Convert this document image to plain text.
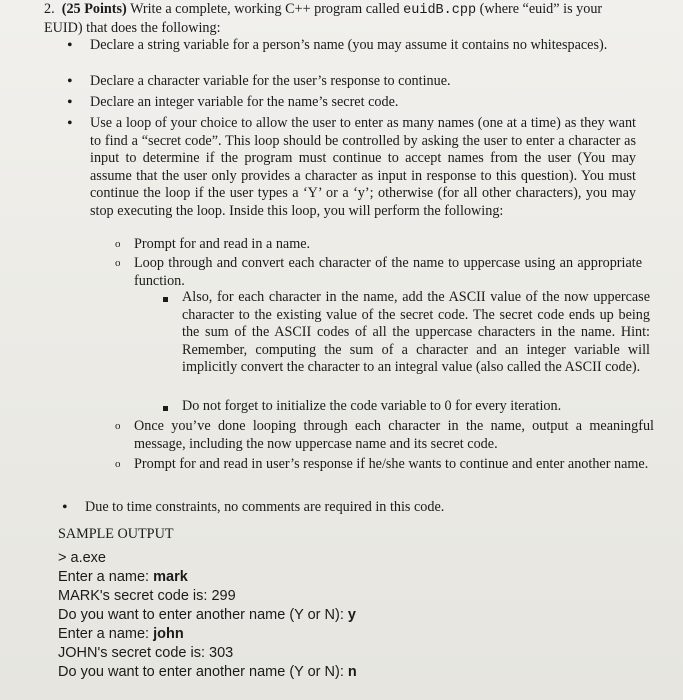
2. (25 Points) Write a complete, working C++ program called euidB.cpp (where “euid” is your EUID) that does the following:
• Declare a string variable for a person’s name (you may assume it contains no whitespaces).

• Declare a character variable for the user’s response to continue.

• Declare an integer variable for the name’s secret code.

• Use a loop of your choice to allow the user to enter as many names (one at a time) as they want to find a “secret code”. This loop should be controlled by asking the user to enter a character as input to determine if the program must continue to accept names from the user (You may assume that the user only provides a character as input in response to this question). You must continue the loop if the user types a ‘Y’ or a ‘y’; otherwise (for all other characters), you may stop executing the loop. Inside this loop, you will perform the following:

o Prompt for and read in a name.

o Loop through and convert each character of the name to uppercase using an appropriate function.

Also, for each character in the name, add the ASCII value of the now uppercase character to the existing value of the secret code. The secret code ends up being the sum of the ASCII codes of all the uppercase characters in the name. Hint: Remember, computing the sum of a character and an integer variable will implicitly convert the character to an integral value (also called the ASCII code).

Do not forget to initialize the code variable to 0 for every iteration.

o Once you’ve done looping through each character in the name, output a meaningful message, including the now uppercase name and its secret code.

o Prompt for and read in user’s response if he/she wants to continue and enter another name.

• Due to time constraints, no comments are required in this code.

SAMPLE OUTPUT

> a.exe
Enter a name: mark
MARK's secret code is: 299
Do you want to enter another name (Y or N): y
Enter a name: john
JOHN's secret code is: 303
Do you want to enter another name (Y or N): n
